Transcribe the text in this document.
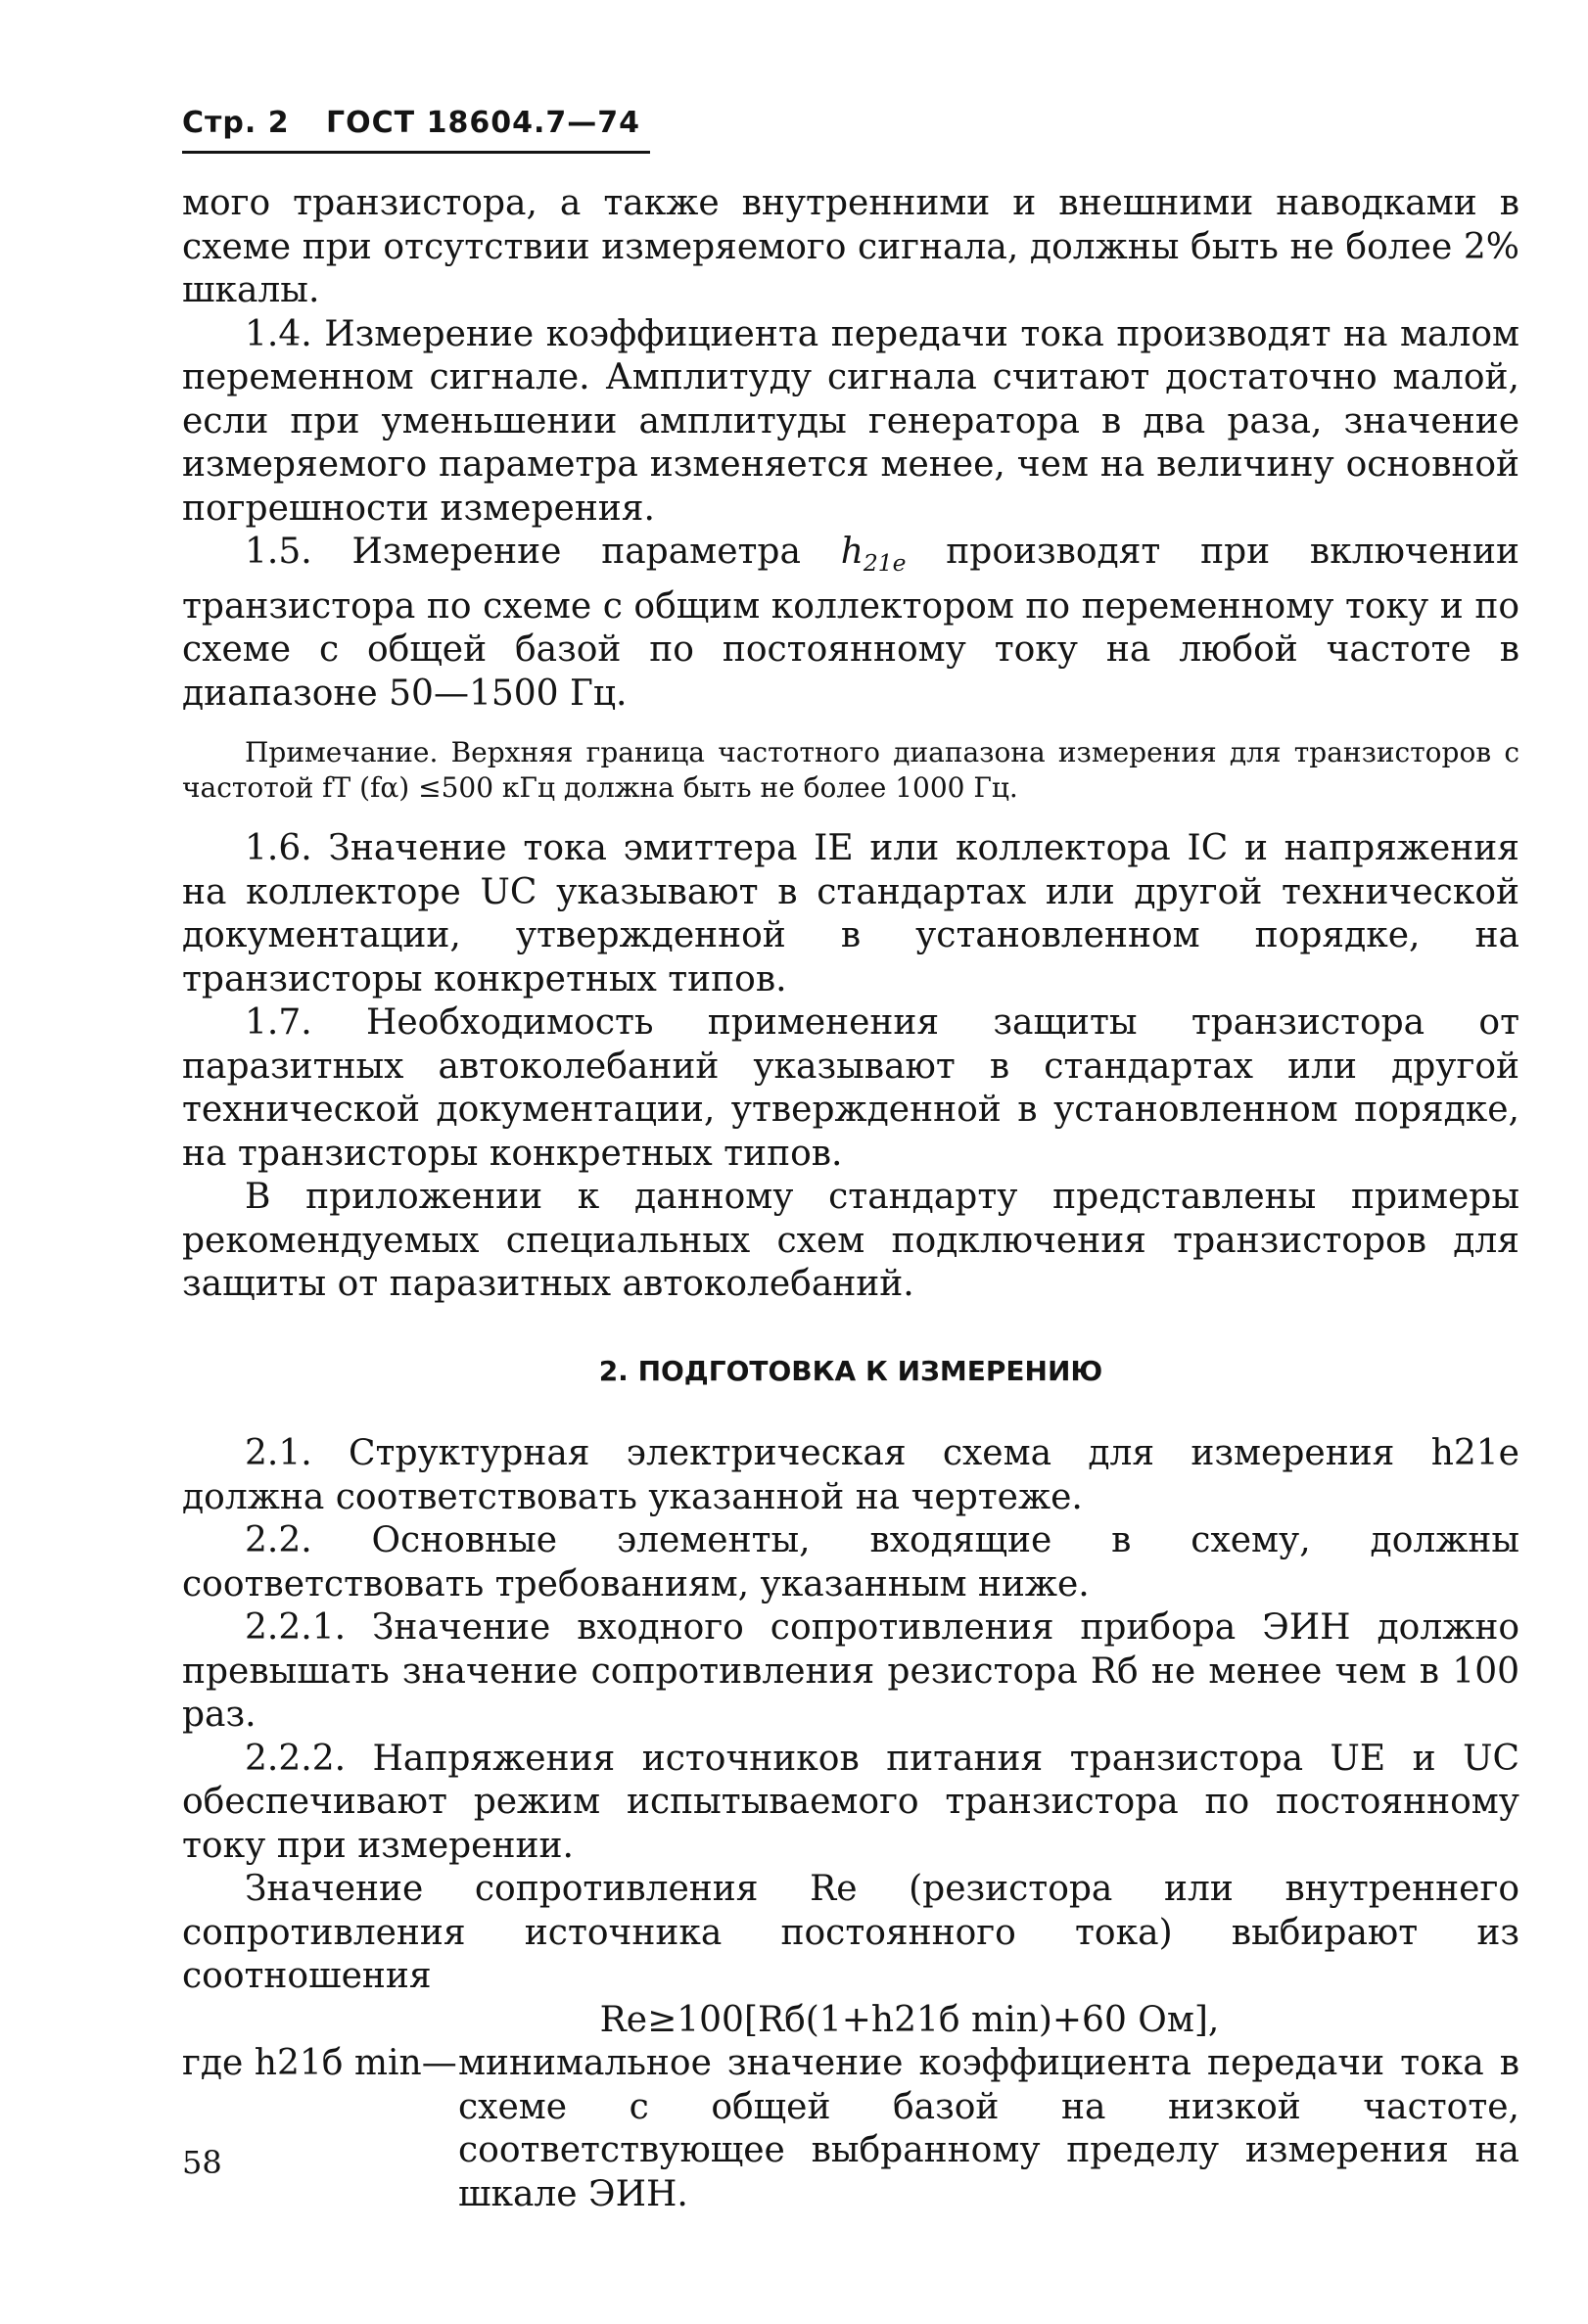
Стр. 2 ГОСТ 18604.7—74

мого транзистора, а также внутренними и внешними наводками в схеме при отсутствии измеряемого сигнала, должны быть не более 2% шкалы.

1.4. Измерение коэффициента передачи тока производят на малом переменном сигнале. Амплитуду сигнала считают достаточно малой, если при уменьшении амплитуды генератора в два раза, значение измеряемого параметра изменяется менее, чем на величину основной погрешности измерения.

1.5. Измерение параметра $h_{21e}$ производят при включении транзистора по схеме с общим коллектором по переменному току и по схеме с общей базой по постоянному току на любой частоте в диапазоне 50—1500 Гц.

Примечание. Верхняя граница частотного диапазона измерения для транзисторов с частотой fT (fα) ≤500 кГц должна быть не более 1000 Гц.

1.6. Значение тока эмиттера IE или коллектора IC и напряжения на коллекторе UC указывают в стандартах или другой технической документации, утвержденной в установленном порядке, на транзисторы конкретных типов.

1.7. Необходимость применения защиты транзистора от паразитных автоколебаний указывают в стандартах или другой технической документации, утвержденной в установленном порядке, на транзисторы конкретных типов.

В приложении к данному стандарту представлены примеры рекомендуемых специальных схем подключения транзисторов для защиты от паразитных автоколебаний.

2. ПОДГОТОВКА К ИЗМЕРЕНИЮ

2.1. Структурная электрическая схема для измерения h21e должна соответствовать указанной на чертеже.

2.2. Основные элементы, входящие в схему, должны соответствовать требованиям, указанным ниже.

2.2.1. Значение входного сопротивления прибора ЭИН должно превышать значение сопротивления резистора Rб не менее чем в 100 раз.

2.2.2. Напряжения источников питания транзистора UE и UC обеспечивают режим испытываемого транзистора по постоянному току при измерении.

Значение сопротивления Re (резистора или внутреннего сопротивления источника постоянного тока) выбирают из соотношения

Re≥100[Rб(1+h21б min)+60 Ом],

где h21б min— минимальное значение коэффициента передачи тока в схеме с общей базой на низкой частоте, соответствующее выбранному пределу измерения на шкале ЭИН.
58
